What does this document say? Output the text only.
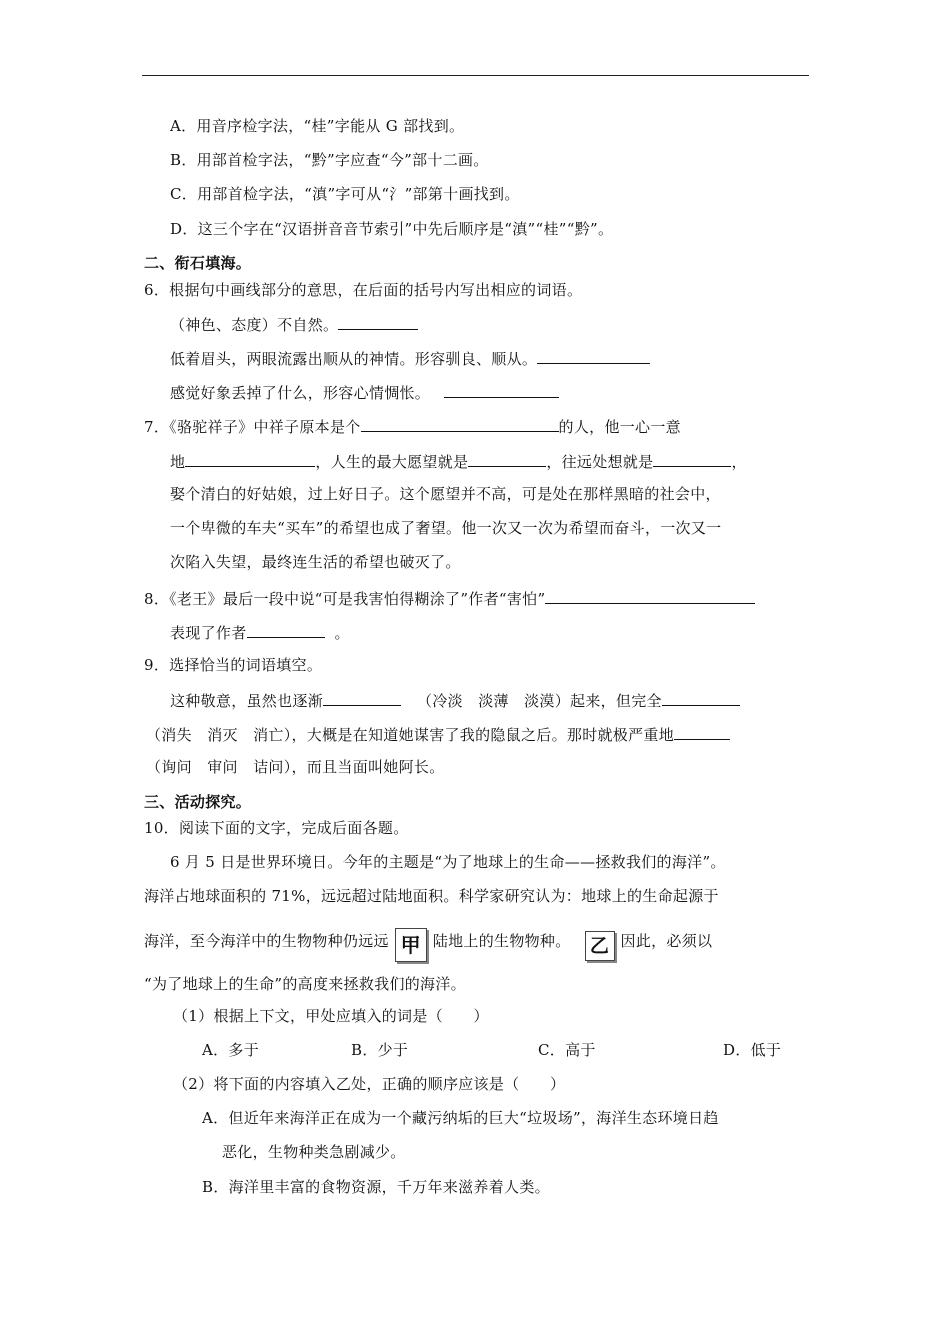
A．用音序检字法，“桂”字能从 G 部找到。
B．用部首检字法，“黔”字应查“今”部十二画。
C．用部首检字法，“滇”字可从“氵”部第十画找到。
D．这三个字在“汉语拼音音节索引”中先后顺序是“滇”“桂”“黔”。
二、衔石填海。
6．根据句中画线部分的意思，在后面的括号内写出相应的词语。
（神色、态度）不自然。
低着眉头，两眼流露出顺从的神情。形容驯良、顺从。
感觉好象丢掉了什么，形容心情惆怅。
7．《骆驼祥子》中祥子原本是个	的人，他一心一意
地	，人生的最大愿望就是	，往远处想就是	，
娶个清白的好姑娘，过上好日子。这个愿望并不高，可是处在那样黑暗的社会中，
一个卑微的车夫“买车”的希望也成了奢望。他一次又一次为希望而奋斗，一次又一
次陷入失望，最终连生活的希望也破灭了。
8．《老王》最后一段中说“可是我害怕得糊涂了”作者“害怕”
表现了作者	。
9．选择恰当的词语填空。
这种敬意，虽然也逐渐	（冷淡　淡薄　淡漠）起来，但完全
（消失　消灭　消亡），大概是在知道她谋害了我的隐鼠之后。那时就极严重地
（询问　审问　诘问），而且当面叫她阿长。
三、活动探究。
10．阅读下面的文字，完成后面各题。
6 月 5 日是世界环境日。今年的主题是“为了地球上的生命——拯救我们的海洋”。
海洋占地球面积的 71%，远远超过陆地面积。科学家研究认为：地球上的生命起源于
海洋，至今海洋中的生物物种仍远远 甲 陆地上的生物物种。 乙 因此，必须以
“为了地球上的生命”的高度来拯救我们的海洋。
（1）根据上下文，甲处应填入的词是（　　）
A．多于	B．少于	C．高于	D．低于
（2）将下面的内容填入乙处，正确的顺序应该是（　　）
A．但近年来海洋正在成为一个藏污纳垢的巨大“垃圾场”，海洋生态环境日趋
恶化，生物种类急剧减少。
B．海洋里丰富的食物资源，千万年来滋养着人类。
